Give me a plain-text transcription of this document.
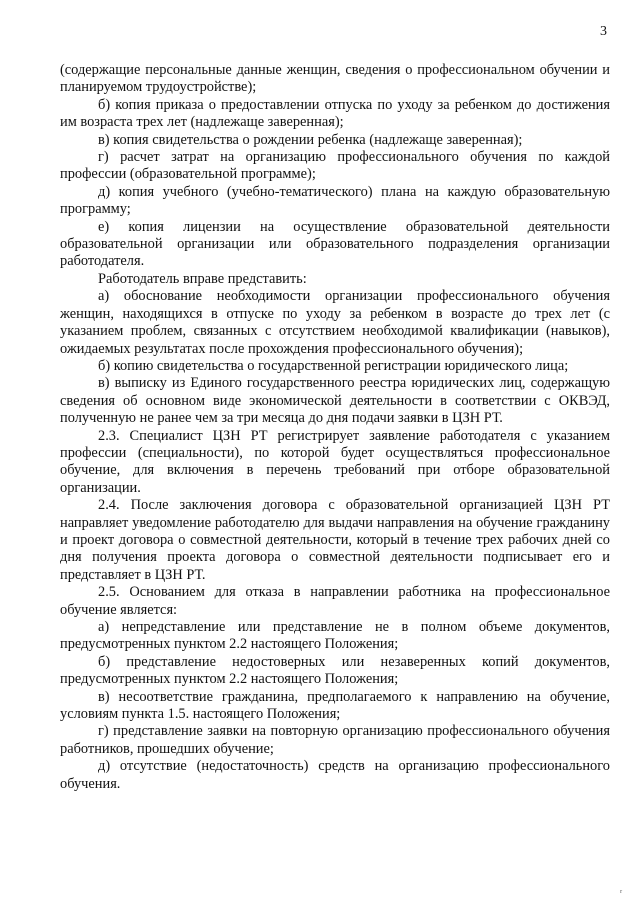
3

(содержащие персональные данные женщин, сведения о профессиональном обучении и планируемом трудоустройстве);

б) копия приказа о предоставлении отпуска по уходу за ребенком до достижения им возраста трех лет (надлежаще заверенная);

в) копия свидетельства о рождении ребенка (надлежаще заверенная);

г) расчет затрат на организацию профессионального обучения по каждой профессии (образовательной программе);

д) копия учебного (учебно-тематического) плана на каждую образовательную программу;

е) копия лицензии на осуществление образовательной деятельности образовательной организации или образовательного подразделения организации работодателя.

Работодатель вправе представить:

а) обоснование необходимости организации профессионального обучения женщин, находящихся в отпуске по уходу за ребенком в возрасте до трех лет (с указанием проблем, связанных с отсутствием необходимой квалификации (навыков), ожидаемых результатах после прохождения профессионального обучения);

б) копию свидетельства о государственной регистрации юридического лица;

в) выписку из Единого государственного реестра юридических лиц, содержащую сведения об основном виде экономической деятельности в соответствии с ОКВЭД, полученную не ранее чем за три месяца до дня подачи заявки в ЦЗН РТ.

2.3. Специалист ЦЗН РТ регистрирует заявление работодателя с указанием профессии (специальности), по которой будет осуществляться профессиональное обучение, для включения в перечень требований при отборе образовательной организации.

2.4. После заключения договора с образовательной организацией ЦЗН РТ направляет уведомление работодателю для выдачи направления на обучение гражданину и проект договора о совместной деятельности, который в течение трех рабочих дней со дня получения проекта договора о совместной деятельности подписывает его и представляет в ЦЗН РТ.

2.5. Основанием для отказа в направлении работника на профессиональное обучение является:

а) непредставление или представление не в полном объеме документов, предусмотренных пунктом 2.2 настоящего Положения;

б) представление недостоверных или незаверенных копий документов, предусмотренных пунктом 2.2 настоящего Положения;

в) несоответствие гражданина, предполагаемого к направлению на обучение, условиям пункта 1.5. настоящего Положения;

г) представление заявки на повторную организацию профессионального обучения работников, прошедших обучение;

д) отсутствие (недостаточность) средств на организацию профессионального обучения.

ᵣ
